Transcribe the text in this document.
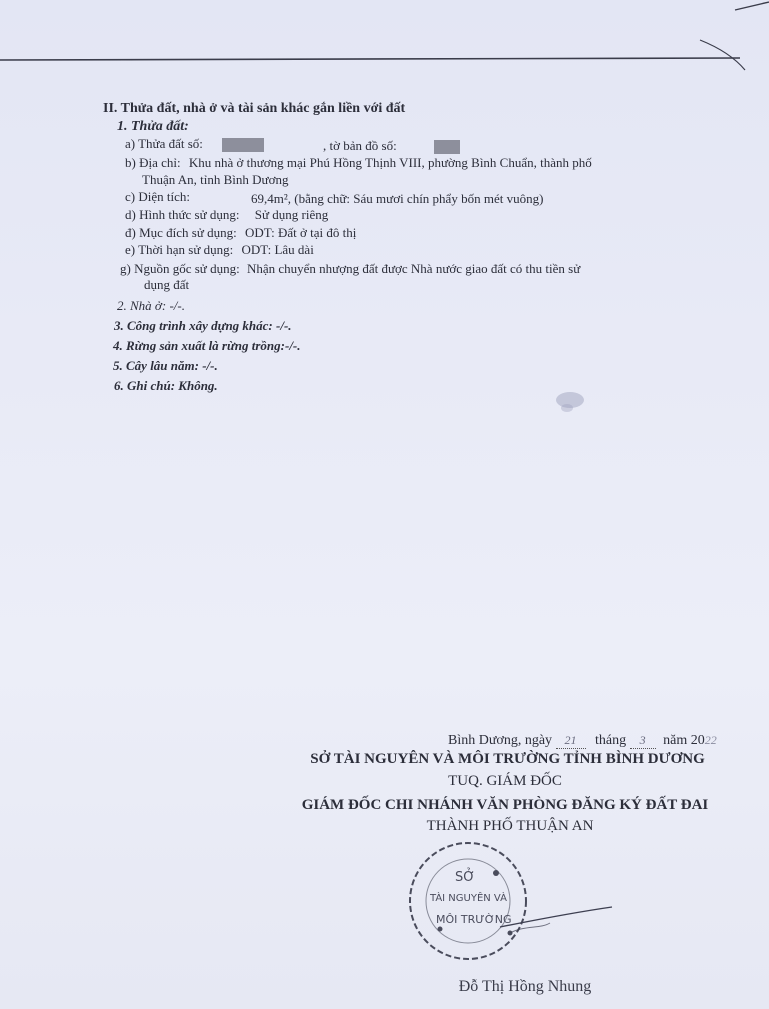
II. Thửa đất, nhà ở và tài sản khác gắn liền với đất
1. Thửa đất:
a) Thửa đất số:	, tờ bản đồ số:
b) Địa chỉ: Khu nhà ở thương mại Phú Hồng Thịnh VIII, phường Bình Chuẩn, thành phố
Thuận An, tỉnh Bình Dương
c) Diện tích:	69,4m², (bằng chữ: Sáu mươi chín phẩy bốn mét vuông)
d) Hình thức sử dụng: Sử dụng riêng
đ) Mục đích sử dụng: ODT: Đất ở tại đô thị
e) Thời hạn sử dụng: ODT: Lâu dài
g) Nguồn gốc sử dụng: Nhận chuyển nhượng đất được Nhà nước giao đất có thu tiền sử
dụng đất
2. Nhà ở: -/-.
3. Công trình xây dựng khác: -/-.
4. Rừng sản xuất là rừng trồng:-/-.
5. Cây lâu năm: -/-.
6. Ghi chú: Không.
Bình Dương, ngày 21 tháng 3 năm 2022
SỞ TÀI NGUYÊN VÀ MÔI TRƯỜNG TỈNH BÌNH DƯƠNG
TUQ. GIÁM ĐỐC
GIÁM ĐỐC CHI NHÁNH VĂN PHÒNG ĐĂNG KÝ ĐẤT ĐAI
THÀNH PHỐ THUẬN AN
SỞ
TÀI NGUYÊN VÀ
MÔI TRƯỜNG
Đỗ Thị Hồng Nhung
